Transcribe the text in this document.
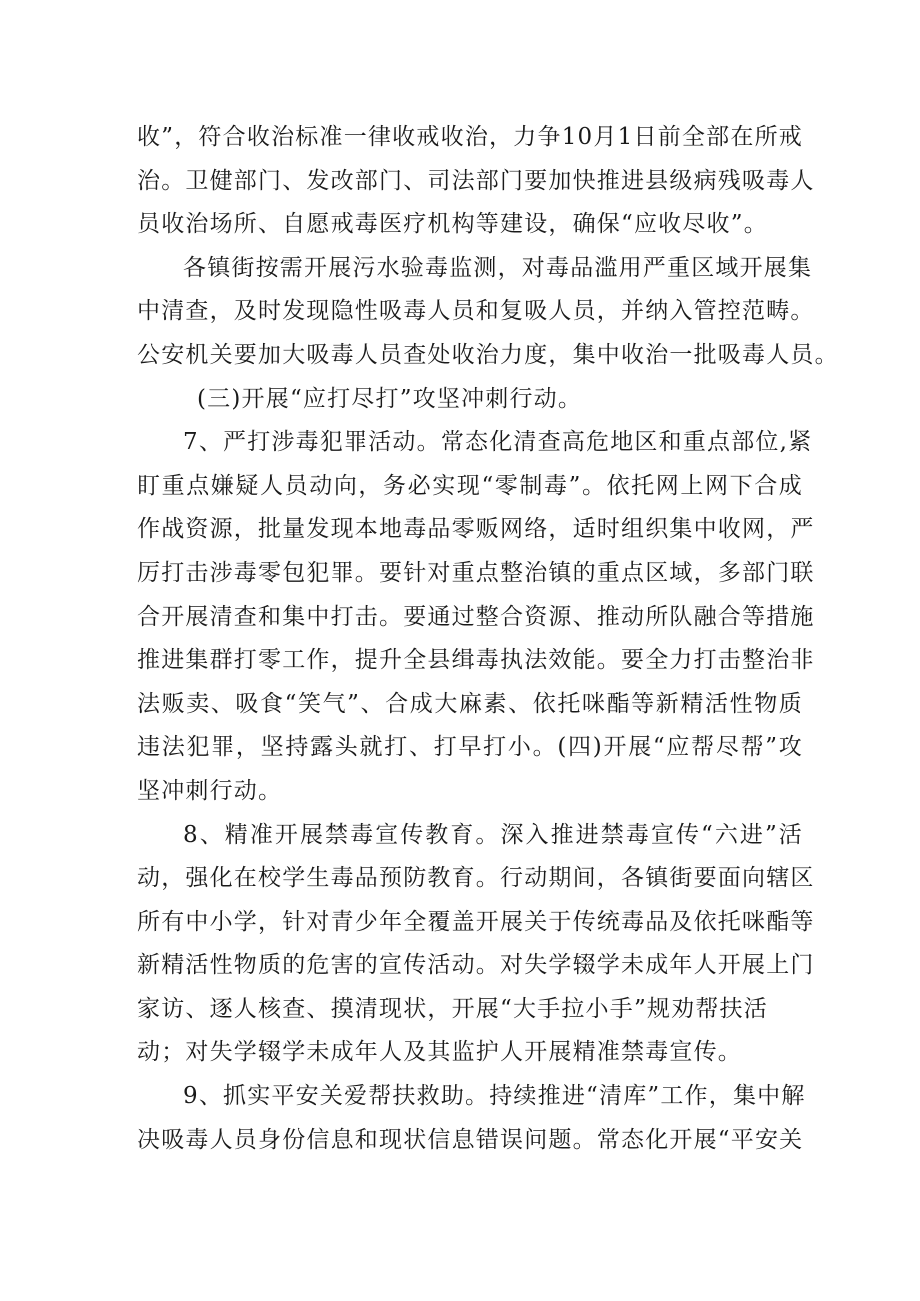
收”，符合收治标准一律收戒收治，力争10月1日前全部在所戒
治。卫健部门、发改部门、司法部门要加快推进县级病残吸毒人
员收治场所、自愿戒毒医疗机构等建设，确保“应收尽收”。
各镇街按需开展污水验毒监测，对毒品滥用严重区域开展集
中清查，及时发现隐性吸毒人员和复吸人员，并纳入管控范畴。
公安机关要加大吸毒人员查处收治力度，集中收治一批吸毒人员。
(三)开展“应打尽打”攻坚冲刺行动。
7、严打涉毒犯罪活动。常态化清查高危地区和重点部位,紧
盯重点嫌疑人员动向，务必实现“零制毒”。依托网上网下合成
作战资源，批量发现本地毒品零贩网络，适时组织集中收网，严
厉打击涉毒零包犯罪。要针对重点整治镇的重点区域，多部门联
合开展清查和集中打击。要通过整合资源、推动所队融合等措施
推进集群打零工作，提升全县缉毒执法效能。要全力打击整治非
法贩卖、吸食“笑气”、合成大麻素、依托咪酯等新精活性物质
违法犯罪，坚持露头就打、打早打小。(四)开展“应帮尽帮”攻
坚冲刺行动。
8、精准开展禁毒宣传教育。深入推进禁毒宣传“六进”活
动，强化在校学生毒品预防教育。行动期间，各镇街要面向辖区
所有中小学，针对青少年全覆盖开展关于传统毒品及依托咪酯等
新精活性物质的危害的宣传活动。对失学辍学未成年人开展上门
家访、逐人核查、摸清现状，开展“大手拉小手”规劝帮扶活
动；对失学辍学未成年人及其监护人开展精准禁毒宣传。
9、抓实平安关爱帮扶救助。持续推进“清库”工作，集中解
决吸毒人员身份信息和现状信息错误问题。常态化开展“平安关
